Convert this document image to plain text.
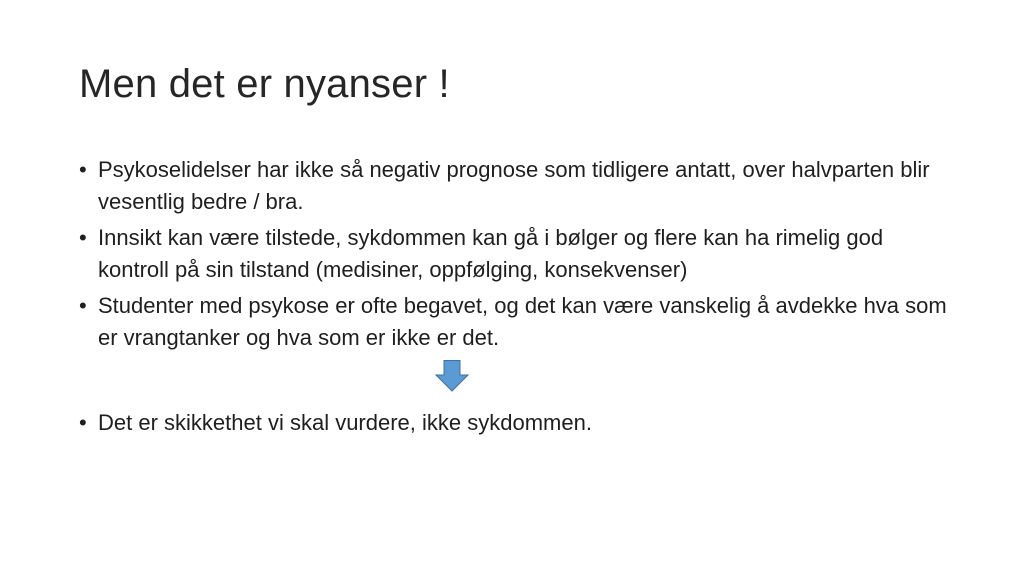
Men det er nyanser !
• Psykoselidelser har ikke så negativ prognose som tidligere antatt, over halvparten blir vesentlig bedre / bra.
• Innsikt kan være tilstede, sykdommen kan gå i bølger og flere kan ha rimelig god kontroll på sin tilstand (medisiner, oppfølging, konsekvenser)
• Studenter med psykose er ofte begavet, og det kan være vanskelig å avdekke hva som er vrangtanker og hva som er ikke er det.
• Det er skikkethet vi skal vurdere, ikke sykdommen.
